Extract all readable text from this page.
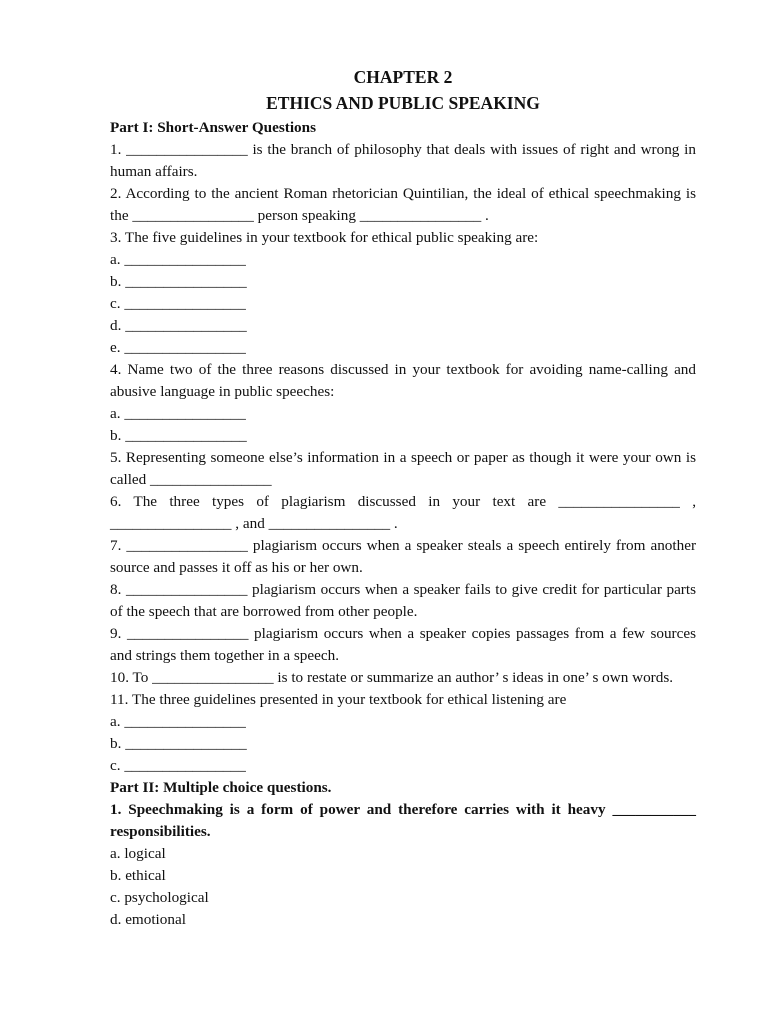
CHAPTER 2
ETHICS AND PUBLIC SPEAKING
Part I: Short-Answer Questions
1. ________________ is the branch of philosophy that deals with issues of right and wrong in human affairs.
2. According to the ancient Roman rhetorician Quintilian, the ideal of ethical speechmaking is the ________________ person speaking ________________ .
3. The five guidelines in your textbook for ethical public speaking are:
a. ________________
b. ________________
c. ________________
d. ________________
e. ________________
4. Name two of the three reasons discussed in your textbook for avoiding name-calling and abusive language in public speeches:
a. ________________
b. ________________
5. Representing someone else’s information in a speech or paper as though it were your own is called ________________
6. The three types of plagiarism discussed in your text are ________________ , ________________ , and ________________ .
7. ________________ plagiarism occurs when a speaker steals a speech entirely from another source and passes it off as his or her own.
8. ________________ plagiarism occurs when a speaker fails to give credit for particular parts of the speech that are borrowed from other people.
9. ________________ plagiarism occurs when a speaker copies passages from a few sources and strings them together in a speech.
10. To ________________ is to restate or summarize an author’ s ideas in one’ s own words.
11. The three guidelines presented in your textbook for ethical listening are
a. ________________
b. ________________
c. ________________
Part II: Multiple choice questions.
1. Speechmaking is a form of power and therefore carries with it heavy ___________ responsibilities.
a. logical
b. ethical
c. psychological
d. emotional
